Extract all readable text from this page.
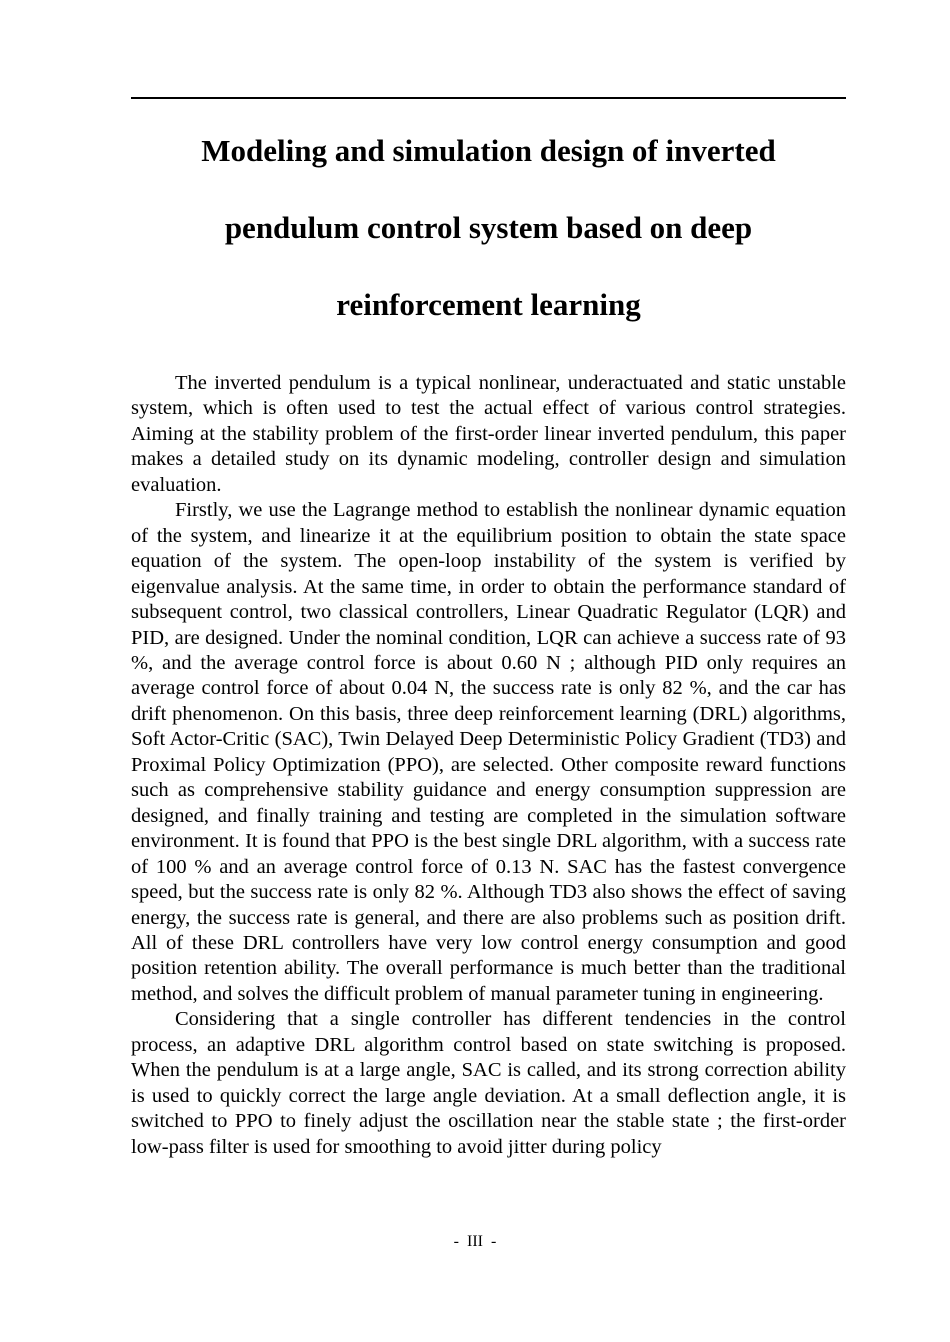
Modeling and simulation design of inverted
pendulum control system based on deep
reinforcement learning

The inverted pendulum is a typical nonlinear, underactuated and static unstable system, which is often used to test the actual effect of various control strategies. Aiming at the stability problem of the first-order linear inverted pendulum, this paper makes a detailed study on its dynamic modeling, controller design and simulation evaluation.

Firstly, we use the Lagrange method to establish the nonlinear dynamic equation of the system, and linearize it at the equilibrium position to obtain the state space equation of the system. The open-loop instability of the system is verified by eigenvalue analysis. At the same time, in order to obtain the performance standard of subsequent control, two classical controllers, Linear Quadratic Regulator (LQR) and PID, are designed. Under the nominal condition, LQR can achieve a success rate of 93 %, and the average control force is about 0.60 N ; although PID only requires an average control force of about 0.04 N, the success rate is only 82 %, and the car has drift phenomenon. On this basis, three deep reinforcement learning (DRL) algorithms, Soft Actor-Critic (SAC), Twin Delayed Deep Deterministic Policy Gradient (TD3) and Proximal Policy Optimization (PPO), are selected. Other composite reward functions such as comprehensive stability guidance and energy consumption suppression are designed, and finally training and testing are completed in the simulation software environment. It is found that PPO is the best single DRL algorithm, with a success rate of 100 % and an average control force of 0.13 N. SAC has the fastest convergence speed, but the success rate is only 82 %. Although TD3 also shows the effect of saving energy, the success rate is general, and there are also problems such as position drift. All of these DRL controllers have very low control energy consumption and good position retention ability. The overall performance is much better than the traditional method, and solves the difficult problem of manual parameter tuning in engineering.

Considering that a single controller has different tendencies in the control process, an adaptive DRL algorithm control based on state switching is proposed. When the pendulum is at a large angle, SAC is called, and its strong correction ability is used to quickly correct the large angle deviation. At a small deflection angle, it is switched to PPO to finely adjust the oscillation near the stable state ; the first-order low-pass filter is used for smoothing to avoid jitter during policy

-  III  -
